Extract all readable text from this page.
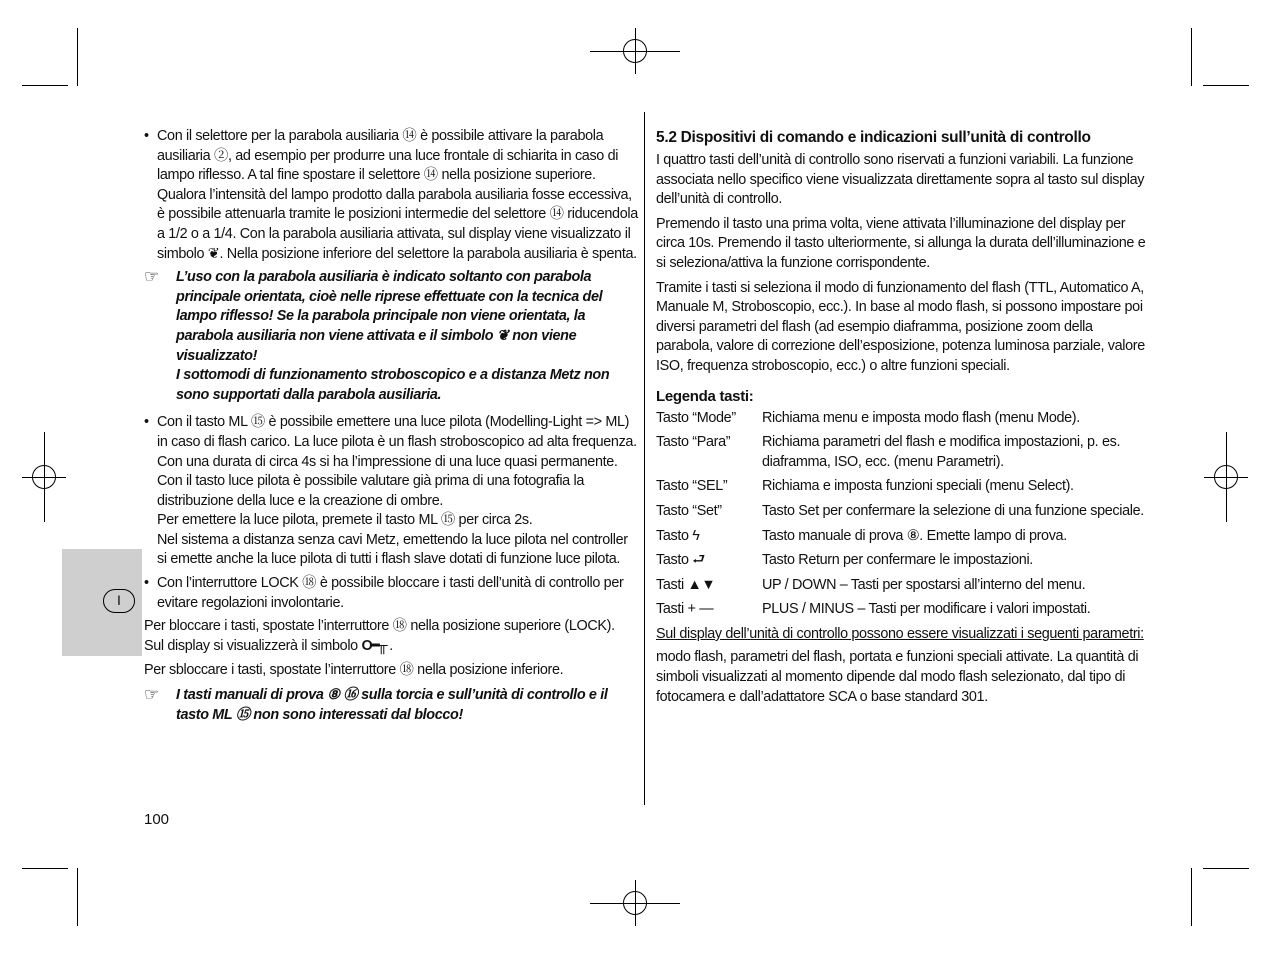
I
• Con il selettore per la parabola ausiliaria ⑭ è possibile attivare la parabola ausiliaria ②, ad esempio per produrre una luce frontale di schiarita in caso di lampo riflesso. A tal fine spostare il selettore ⑭ nella posizione superiore. Qualora l’intensità del lampo prodotto dalla parabola ausiliaria fosse eccessiva, è possibile attenuarla tramite le posizioni intermedie del selettore ⑭ riducendola a 1/2 o a 1/4. Con la parabola ausiliaria attivata, sul display viene visualizzato il simbolo ❦. Nella posizione inferiore del selettore la parabola ausiliaria è spenta.
☞ L’uso con la parabola ausiliaria è indicato soltanto con parabola principale orientata, cioè nelle riprese effettuate con la tecnica del lampo riflesso! Se la parabola principale non viene orientata, la parabola ausiliaria non viene attivata e il simbolo ❦ non viene visualizzato!

I sottomodi di funzionamento stroboscopico e a distanza Metz non sono supportati dalla parabola ausiliaria.

• Con il tasto ML ⑮ è possibile emettere una luce pilota (Modelling-Light => ML) in caso di flash carico. La luce pilota è un flash stroboscopico ad alta frequenza. Con una durata di circa 4s si ha l’impressione di una luce quasi permanente. Con il tasto luce pilota è possibile valutare già prima di una fotografia la distribuzione della luce e la creazione di ombre.
Per emettere la luce pilota, premete il tasto ML ⑮ per circa 2s.
Nel sistema a distanza senza cavi Metz, emettendo la luce pilota nel controller si emette anche la luce pilota di tutti i flash slave dotati di funzione luce pilota.
• Con l’interruttore LOCK ⑱ è possibile bloccare i tasti dell’unità di controllo per evitare regolazioni involontarie.

Per bloccare i tasti, spostate l’interruttore ⑱ nella posizione superiore (LOCK). Sul display si visualizzerà il simbolo O━╥ .

Per sbloccare i tasti, spostate l’interruttore ⑱ nella posizione inferiore.

☞ I tasti manuali di prova ⑧ ⑯ sulla torcia e sull’unità di controllo e il tasto ML ⑮ non sono interessati dal blocco!

5.2 Dispositivi di comando e indicazioni sull’unità di controllo

I quattro tasti dell’unità di controllo sono riservati a funzioni variabili. La funzione associata nello specifico viene visualizzata direttamente sopra al tasto sul display dell’unità di controllo.

Premendo il tasto una prima volta, viene attivata l’illuminazione del display per circa 10s. Premendo il tasto ulteriormente, si allunga la durata dell’illuminazione e si seleziona/attiva la funzione corrispondente.

Tramite i tasti si seleziona il modo di funzionamento del flash (TTL, Automatico A, Manuale M, Stroboscopio, ecc.). In base al modo flash, si possono impostare poi diversi parametri del flash (ad esempio diaframma, posizione zoom della parabola, valore di correzione dell’esposizione, potenza luminosa parziale, valore ISO, frequenza stroboscopio, ecc.) o altre funzioni speciali.

Legenda tasti:
Tasto “Mode”	Richiama menu e imposta modo flash (menu Mode).
Tasto “Para”	Richiama parametri del flash e modifica impostazioni, p. es. diaframma, ISO, ecc. (menu Parametri).
Tasto “SEL”	Richiama e imposta funzioni speciali (menu Select).
Tasto “Set”	Tasto Set per confermare la selezione di una funzione speciale.
Tasto ϟ	Tasto manuale di prova ⑧. Emette lampo di prova.
Tasto ⮐	Tasto Return per confermare le impostazioni.
Tasti ▲▼	UP / DOWN – Tasti per spostarsi all’interno del menu.
Tasti + —	PLUS / MINUS – Tasti per modificare i valori impostati.

Sul display dell’unità di controllo possono essere visualizzati i seguenti parametri:

modo flash, parametri del flash, portata e funzioni speciali attivate. La quantità di simboli visualizzati al momento dipende dal modo flash selezionato, dal tipo di fotocamera e dall’adattatore SCA o base standard 301.

100
